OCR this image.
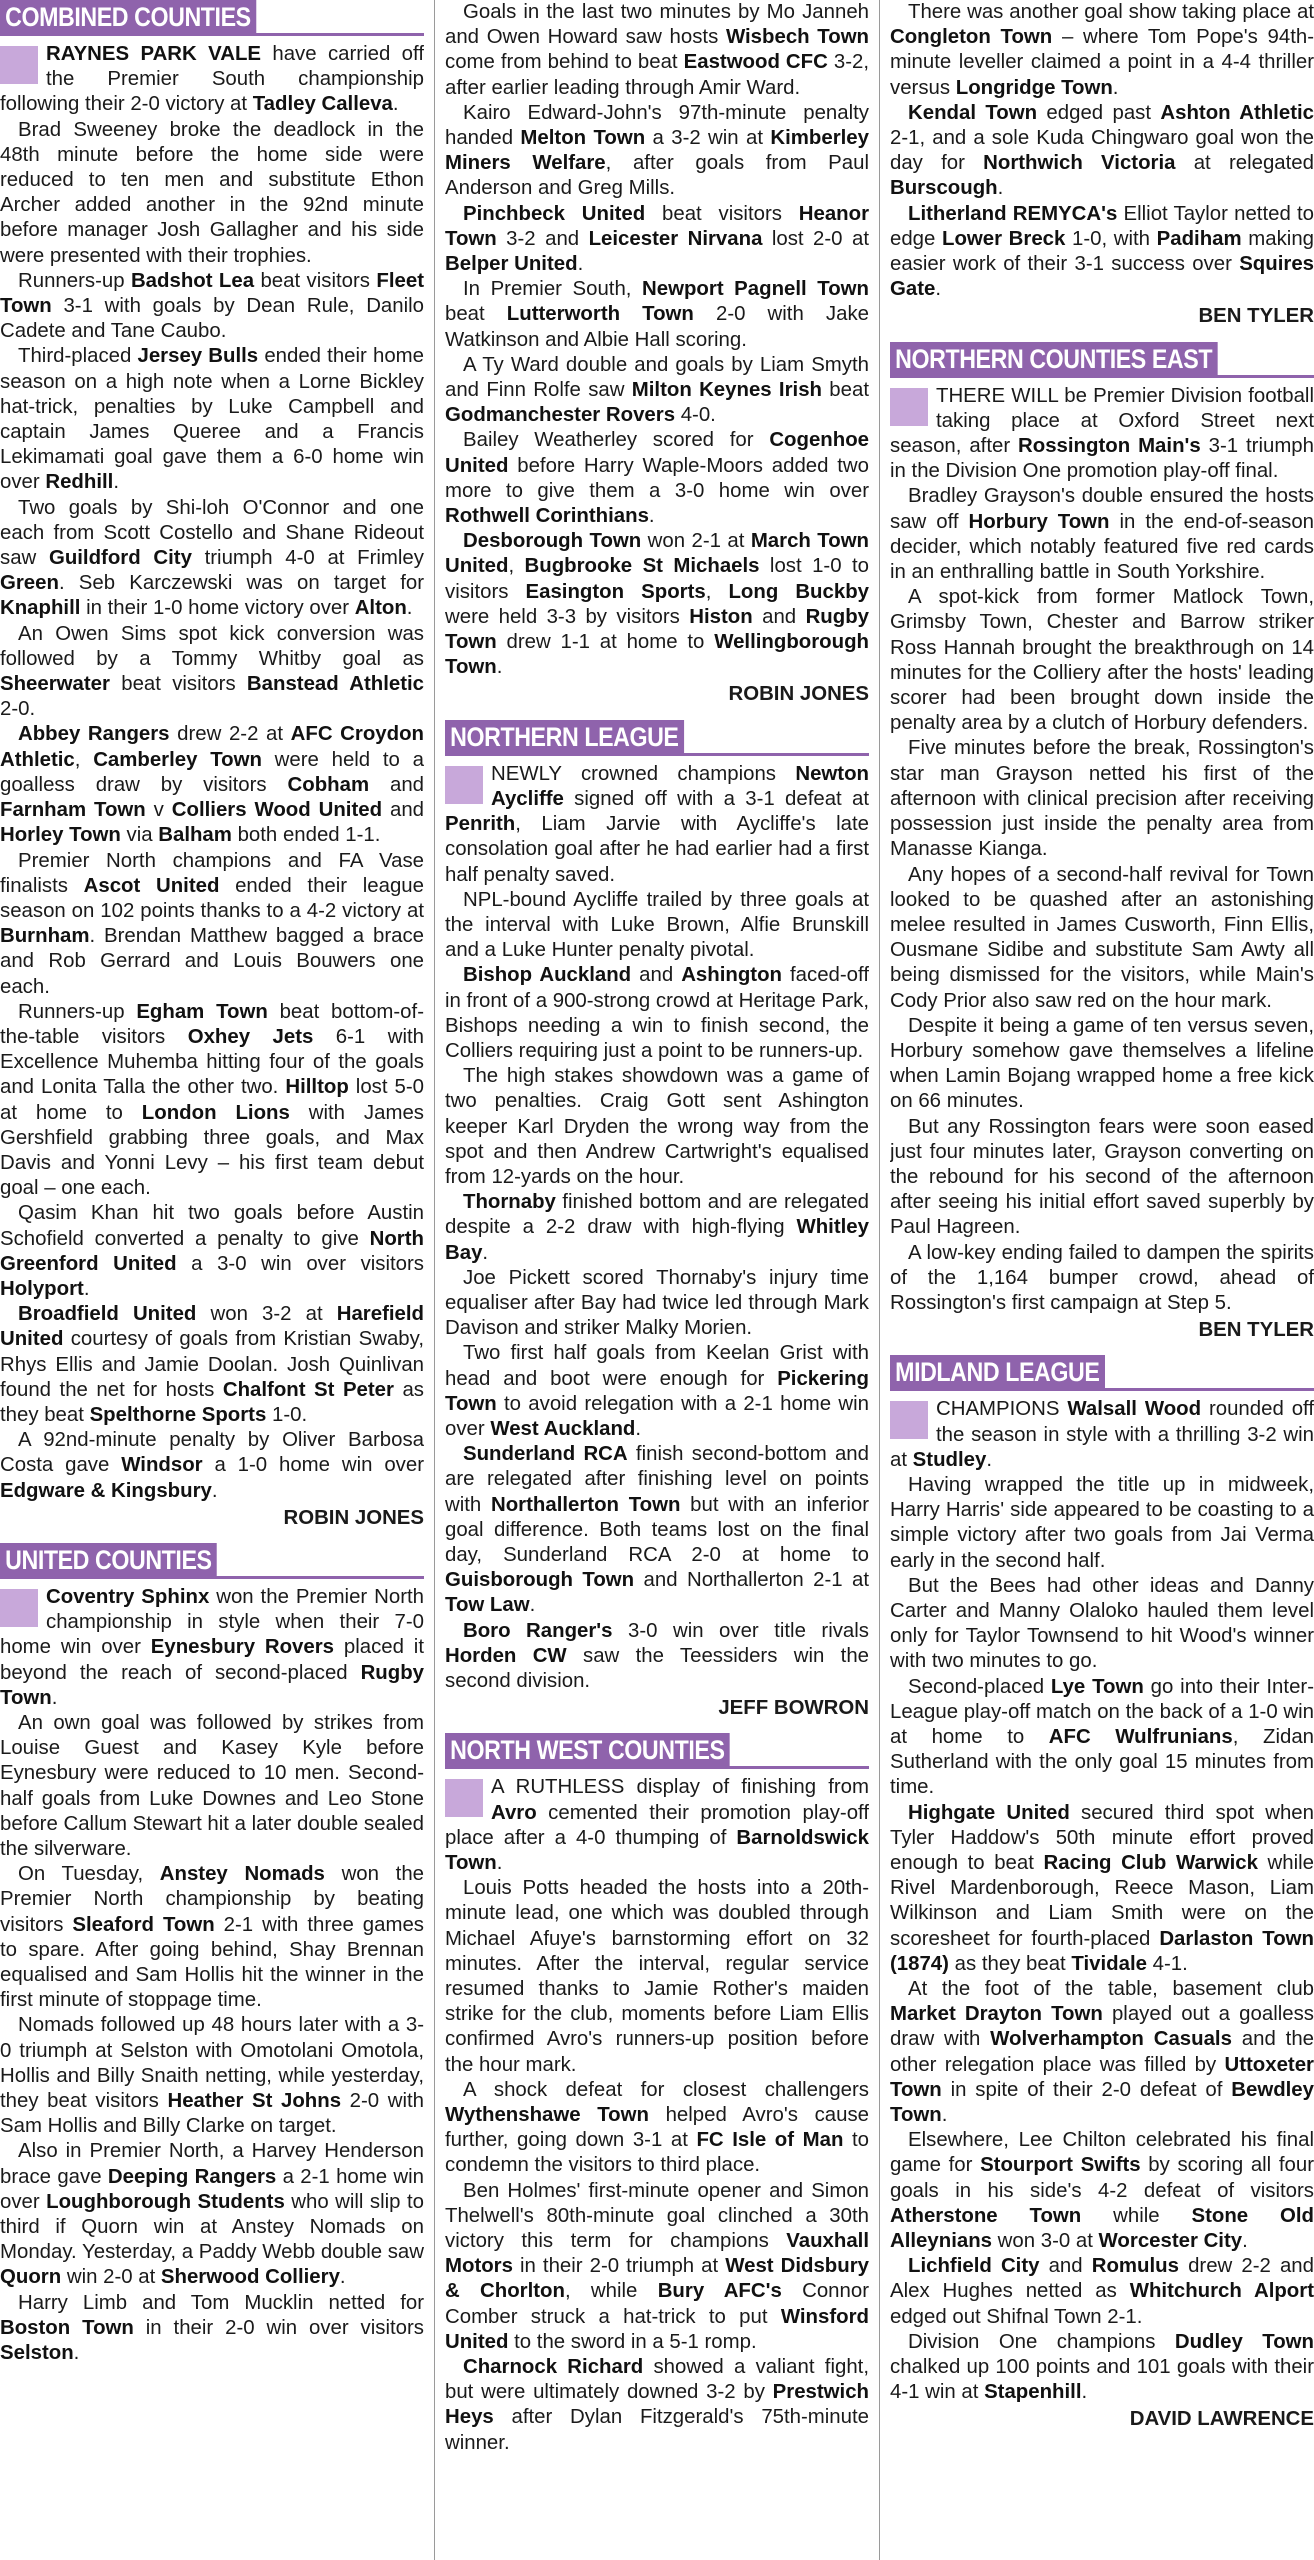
COMBINED COUNTIES

RAYNES PARK VALE have carried off the Premier South championship following their 2-0 victory at Tadley Calleva.

Brad Sweeney broke the deadlock in the 48th minute before the home side were reduced to ten men and substitute Ethon Archer added another in the 92nd minute before manager Josh Gallagher and his side were presented with their trophies.

Runners-up Badshot Lea beat visitors Fleet Town 3-1 with goals by Dean Rule, Danilo Cadete and Tane Caubo.

Third-placed Jersey Bulls ended their home season on a high note when a Lorne Bickley hat-trick, penalties by Luke Campbell and captain James Queree and a Francis Lekimamati goal gave them a 6-0 home win over Redhill.

Two goals by Shi-loh O'Connor and one each from Scott Costello and Shane Rideout saw Guildford City triumph 4-0 at Frimley Green. Seb Karczewski was on target for Knaphill in their 1-0 home victory over Alton.

An Owen Sims spot kick conversion was followed by a Tommy Whitby goal as Sheerwater beat visitors Banstead Athletic 2-0.

Abbey Rangers drew 2-2 at AFC Croydon Athletic, Camberley Town were held to a goalless draw by visitors Cobham and Farnham Town v Colliers Wood United and Horley Town via Balham both ended 1-1.

Premier North champions and FA Vase finalists Ascot United ended their league season on 102 points thanks to a 4-2 victory at Burnham. Brendan Matthew bagged a brace and Rob Gerrard and Louis Bouwers one each.

Runners-up Egham Town beat bottom-of-the-table visitors Oxhey Jets 6-1 with Excellence Muhemba hitting four of the goals and Lonita Talla the other two. Hilltop lost 5-0 at home to London Lions with James Gershfield grabbing three goals, and Max Davis and Yonni Levy – his first team debut goal – one each.

Qasim Khan hit two goals before Austin Schofield converted a penalty to give North Greenford United a 3-0 win over visitors Holyport.

Broadfield United won 3-2 at Harefield United courtesy of goals from Kristian Swaby, Rhys Ellis and Jamie Doolan. Josh Quinlivan found the net for hosts Chalfont St Peter as they beat Spelthorne Sports 1-0.

A 92nd-minute penalty by Oliver Barbosa Costa gave Windsor a 1-0 home win over Edgware & Kingsbury.

ROBIN JONES

UNITED COUNTIES

Coventry Sphinx won the Premier North championship in style when their 7-0 home win over Eynesbury Rovers placed it beyond the reach of second-placed Rugby Town.

An own goal was followed by strikes from Louise Guest and Kasey Kyle before Eynesbury were reduced to 10 men. Second-half goals from Luke Downes and Leo Stone before Callum Stewart hit a later double sealed the silverware.

On Tuesday, Anstey Nomads won the Premier North championship by beating visitors Sleaford Town 2-1 with three games to spare. After going behind, Shay Brennan equalised and Sam Hollis hit the winner in the first minute of stoppage time.

Nomads followed up 48 hours later with a 3-0 triumph at Selston with Omotolani Omotola, Hollis and Billy Snaith netting, while yesterday, they beat visitors Heather St Johns 2-0 with Sam Hollis and Billy Clarke on target.

Also in Premier North, a Harvey Henderson brace gave Deeping Rangers a 2-1 home win over Loughborough Students who will slip to third if Quorn win at Anstey Nomads on Monday. Yesterday, a Paddy Webb double saw Quorn win 2-0 at Sherwood Colliery.

Harry Limb and Tom Mucklin netted for Boston Town in their 2-0 win over visitors Selston.

Goals in the last two minutes by Mo Janneh and Owen Howard saw hosts Wisbech Town come from behind to beat Eastwood CFC 3-2, after earlier leading through Amir Ward.

Kairo Edward-John's 97th-minute penalty handed Melton Town a 3-2 win at Kimberley Miners Welfare, after goals from Paul Anderson and Greg Mills.

Pinchbeck United beat visitors Heanor Town 3-2 and Leicester Nirvana lost 2-0 at Belper United.

In Premier South, Newport Pagnell Town beat Lutterworth Town 2-0 with Jake Watkinson and Albie Hall scoring.

A Ty Ward double and goals by Liam Smyth and Finn Rolfe saw Milton Keynes Irish beat Godmanchester Rovers 4-0.

Bailey Weatherley scored for Cogenhoe United before Harry Waple-Moors added two more to give them a 3-0 home win over Rothwell Corinthians.

Desborough Town won 2-1 at March Town United, Bugbrooke St Michaels lost 1-0 to visitors Easington Sports, Long Buckby were held 3-3 by visitors Histon and Rugby Town drew 1-1 at home to Wellingborough Town.

ROBIN JONES

NORTHERN LEAGUE

NEWLY crowned champions Newton Aycliffe signed off with a 3-1 defeat at Penrith, Liam Jarvie with Aycliffe's late consolation goal after he had earlier had a first half penalty saved.

NPL-bound Aycliffe trailed by three goals at the interval with Luke Brown, Alfie Brunskill and a Luke Hunter penalty pivotal.

Bishop Auckland and Ashington faced-off in front of a 900-strong crowd at Heritage Park, Bishops needing a win to finish second, the Colliers requiring just a point to be runners-up.

The high stakes showdown was a game of two penalties. Craig Gott sent Ashington keeper Karl Dryden the wrong way from the spot and then Andrew Cartwright's equalised from 12-yards on the hour.

Thornaby finished bottom and are relegated despite a 2-2 draw with high-flying Whitley Bay.

Joe Pickett scored Thornaby's injury time equaliser after Bay had twice led through Mark Davison and striker Malky Morien.

Two first half goals from Keelan Grist with head and boot were enough for Pickering Town to avoid relegation with a 2-1 home win over West Auckland.

Sunderland RCA finish second-bottom and are relegated after finishing level on points with Northallerton Town but with an inferior goal difference. Both teams lost on the final day, Sunderland RCA 2-0 at home to Guisborough Town and Northallerton 2-1 at Tow Law.

Boro Ranger's 3-0 win over title rivals Horden CW saw the Teessiders win the second division.

JEFF BOWRON

NORTH WEST COUNTIES

A RUTHLESS display of finishing from Avro cemented their promotion play-off place after a 4-0 thumping of Barnoldswick Town.

Louis Potts headed the hosts into a 20th-minute lead, one which was doubled through Michael Afuye's barnstorming effort on 32 minutes. After the interval, regular service resumed thanks to Jamie Rother's maiden strike for the club, moments before Liam Ellis confirmed Avro's runners-up position before the hour mark.

A shock defeat for closest challengers Wythenshawe Town helped Avro's cause further, going down 3-1 at FC Isle of Man to condemn the visitors to third place.

Ben Holmes' first-minute opener and Simon Thelwell's 80th-minute goal clinched a 30th victory this term for champions Vauxhall Motors in their 2-0 triumph at West Didsbury & Chorlton, while Bury AFC's Connor Comber struck a hat-trick to put Winsford United to the sword in a 5-1 romp.

Charnock Richard showed a valiant fight, but were ultimately downed 3-2 by Prestwich Heys after Dylan Fitzgerald's 75th-minute winner.

There was another goal show taking place at Congleton Town – where Tom Pope's 94th-minute leveller claimed a point in a 4-4 thriller versus Longridge Town.

Kendal Town edged past Ashton Athletic 2-1, and a sole Kuda Chingwaro goal won the day for Northwich Victoria at relegated Burscough.

Litherland REMYCA's Elliot Taylor netted to edge Lower Breck 1-0, with Padiham making easier work of their 3-1 success over Squires Gate.

BEN TYLER

NORTHERN COUNTIES EAST

THERE WILL be Premier Division football taking place at Oxford Street next season, after Rossington Main's 3-1 triumph in the Division One promotion play-off final.

Bradley Grayson's double ensured the hosts saw off Horbury Town in the end-of-season decider, which notably featured five red cards in an enthralling battle in South Yorkshire.

A spot-kick from former Matlock Town, Grimsby Town, Chester and Barrow striker Ross Hannah brought the breakthrough on 14 minutes for the Colliery after the hosts' leading scorer had been brought down inside the penalty area by a clutch of Horbury defenders.

Five minutes before the break, Rossington's star man Grayson netted his first of the afternoon with clinical precision after receiving possession just inside the penalty area from Manasse Kianga.

Any hopes of a second-half revival for Town looked to be quashed after an astonishing melee resulted in James Cusworth, Finn Ellis, Ousmane Sidibe and substitute Sam Awty all being dismissed for the visitors, while Main's Cody Prior also saw red on the hour mark.

Despite it being a game of ten versus seven, Horbury somehow gave themselves a lifeline when Lamin Bojang wrapped home a free kick on 66 minutes.

But any Rossington fears were soon eased just four minutes later, Grayson converting on the rebound for his second of the afternoon after seeing his initial effort saved superbly by Paul Hagreen.

A low-key ending failed to dampen the spirits of the 1,164 bumper crowd, ahead of Rossington's first campaign at Step 5.

BEN TYLER

MIDLAND LEAGUE

CHAMPIONS Walsall Wood rounded off the season in style with a thrilling 3-2 win at Studley.

Having wrapped the title up in midweek, Harry Harris' side appeared to be coasting to a simple victory after two goals from Jai Verma early in the second half.

But the Bees had other ideas and Danny Carter and Manny Olaloko hauled them level only for Taylor Townsend to hit Wood's winner with two minutes to go.

Second-placed Lye Town go into their Inter-League play-off match on the back of a 1-0 win at home to AFC Wulfrunians, Zidan Sutherland with the only goal 15 minutes from time.

Highgate United secured third spot when Tyler Haddow's 50th minute effort proved enough to beat Racing Club Warwick while Rivel Mardenborough, Reece Mason, Liam Wilkinson and Liam Smith were on the scoresheet for fourth-placed Darlaston Town (1874) as they beat Tividale 4-1.

At the foot of the table, basement club Market Drayton Town played out a goalless draw with Wolverhampton Casuals and the other relegation place was filled by Uttoxeter Town in spite of their 2-0 defeat of Bewdley Town.

Elsewhere, Lee Chilton celebrated his final game for Stourport Swifts by scoring all four goals in his side's 4-2 defeat of visitors Atherstone Town while Stone Old Alleynians won 3-0 at Worcester City.

Lichfield City and Romulus drew 2-2 and Alex Hughes netted as Whitchurch Alport edged out Shifnal Town 2-1.

Division One champions Dudley Town chalked up 100 points and 101 goals with their 4-1 win at Stapenhill.

DAVID LAWRENCE
